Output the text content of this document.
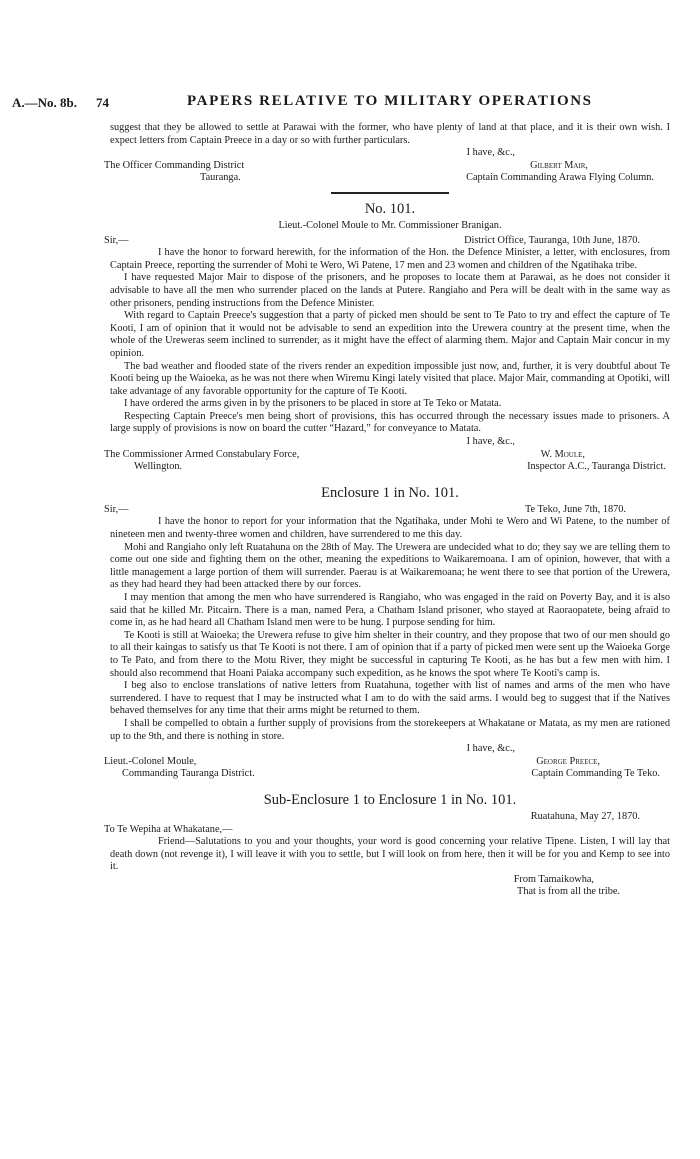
A.—No. 8b. 74	PAPERS RELATIVE TO MILITARY OPERATIONS

suggest that they be allowed to settle at Parawai with the former, who have plenty of land at that place, and it is their own wish. I expect letters from Captain Preece in a day or so with further particulars.

I have, &c.,
The Officer Commanding District	Gilbert Mair,
Tauranga.	Captain Commanding Arawa Flying Column.
No. 101.
Lieut.-Colonel Moule to Mr. Commissioner Branigan.
Sir,—	District Office, Tauranga, 10th June, 1870.

I have the honor to forward herewith, for the information of the Hon. the Defence Minister, a letter, with enclosures, from Captain Preece, reporting the surrender of Mohi te Wero, Wi Patene, 17 men and 23 women and children of the Ngatihaka tribe.

I have requested Major Mair to dispose of the prisoners, and he proposes to locate them at Parawai, as he does not consider it advisable to have all the men who surrender placed on the lands at Putere. Rangiaho and Pera will be dealt with in the same way as other prisoners, pending instructions from the Defence Minister.

With regard to Captain Preece's suggestion that a party of picked men should be sent to Te Pato to try and effect the capture of Te Kooti, I am of opinion that it would not be advisable to send an expedition into the Urewera country at the present time, when the whole of the Ureweras seem inclined to surrender, as it might have the effect of alarming them. Major and Captain Mair concur in my opinion.

The bad weather and flooded state of the rivers render an expedition impossible just now, and, further, it is very doubtful about Te Kooti being up the Waioeka, as he was not there when Wiremu Kingi lately visited that place. Major Mair, commanding at Opotiki, will take advantage of any favorable opportunity for the capture of Te Kooti.

I have ordered the arms given in by the prisoners to be placed in store at Te Teko or Matata.

Respecting Captain Preece's men being short of provisions, this has occurred through the necessary issues made to prisoners. A large supply of provisions is now on board the cutter “Hazard,” for conveyance to Matata.

I have, &c.,
The Commissioner Armed Constabulary Force,	W. Moule,
Wellington.	Inspector A.C., Tauranga District.
Enclosure 1 in No. 101.
Sir,—	Te Teko, June 7th, 1870.

I have the honor to report for your information that the Ngatihaka, under Mohi te Wero and Wi Patene, to the number of nineteen men and twenty-three women and children, have surrendered to me this day.

Mohi and Rangiaho only left Ruatahuna on the 28th of May. The Urewera are undecided what to do; they say we are telling them to come out one side and fighting them on the other, meaning the expeditions to Waikaremoana. I am of opinion, however, that with a little management a large portion of them will surrender. Paerau is at Waikaremoana; he went there to see that portion of the Urewera, as they had heard they had been attacked there by our forces.

I may mention that among the men who have surrendered is Rangiaho, who was engaged in the raid on Poverty Bay, and it is also said that he killed Mr. Pitcairn. There is a man, named Pera, a Chatham Island prisoner, who stayed at Raoraopatete, being afraid to come in, as he had heard all Chatham Island men were to be hung. I purpose sending for him.

Te Kooti is still at Waioeka; the Urewera refuse to give him shelter in their country, and they propose that two of our men should go to all their kaingas to satisfy us that Te Kooti is not there. I am of opinion that if a party of picked men were sent up the Waioeka Gorge to Te Pato, and from there to the Motu River, they might be successful in capturing Te Kooti, as he has but a few men with him. I should also recommend that Hoani Paiaka accompany such expedition, as he knows the spot where Te Kooti's camp is.

I beg also to enclose translations of native letters from Ruatahuna, together with list of names and arms of the men who have surrendered. I have to request that I may be instructed what I am to do with the said arms. I would beg to suggest that if the Natives behaved themselves for any time that their arms might be returned to them.

I shall be compelled to obtain a further supply of provisions from the storekeepers at Whakatane or Matata, as my men are rationed up to the 9th, and there is nothing in store.

I have, &c.,
Lieut.-Colonel Moule,	George Preece,
Commanding Tauranga District.	Captain Commanding Te Teko.
Sub-Enclosure 1 to Enclosure 1 in No. 101.
Ruatahuna, May 27, 1870.
To Te Wepiha at Whakatane,—

Friend—Salutations to you and your thoughts, your word is good concerning your relative Tipene. Listen, I will lay that death down (not revenge it), I will leave it with you to settle, but I will look on from here, then it will be for you and Kemp to see into it.

From Tamaikowha,
That is from all the tribe.
